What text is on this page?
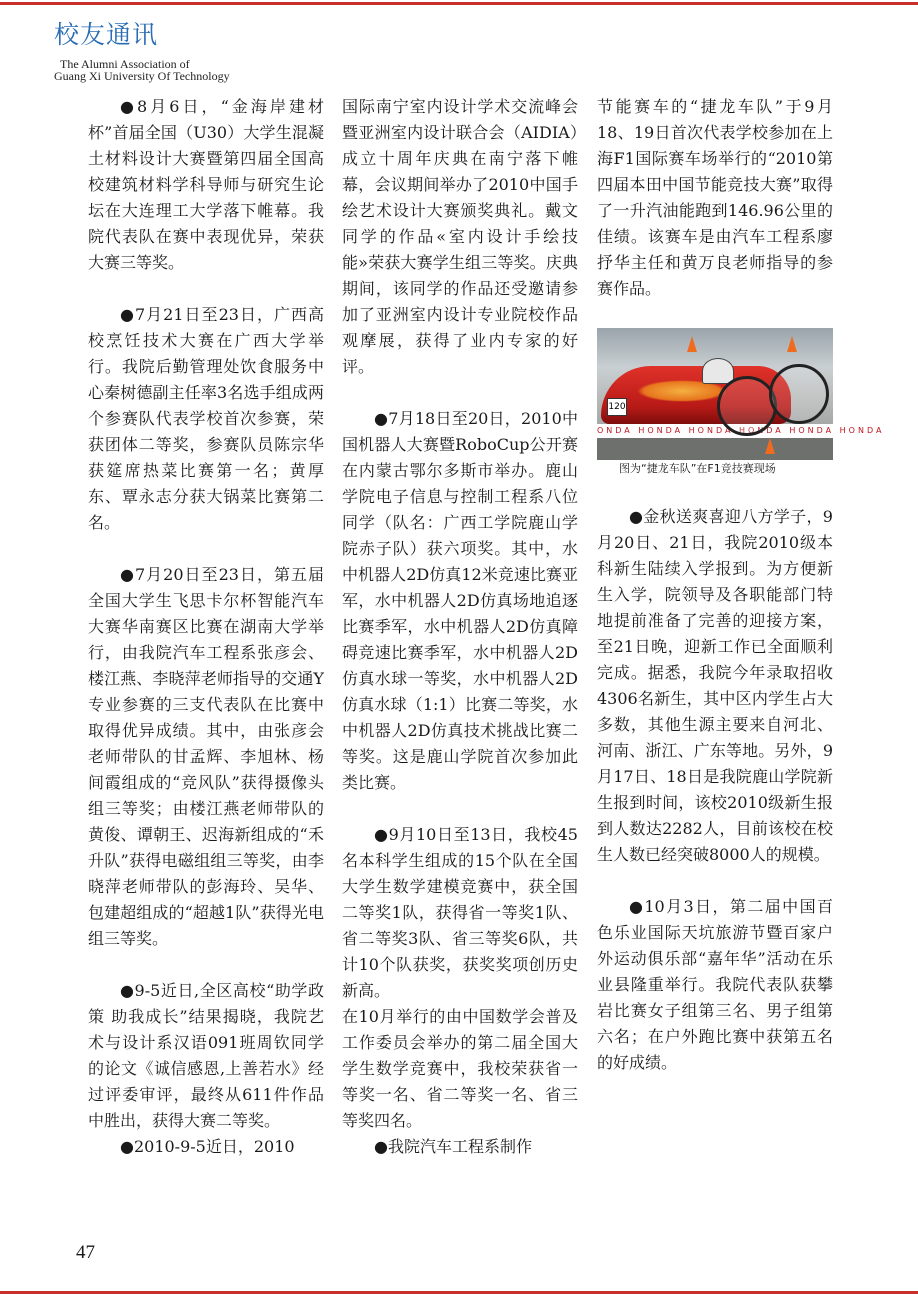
校友通讯
The Alumni Association of
Guang Xi University Of Technology

●8月6日，“金海岸建材杯”首届全国（U30）大学生混凝土材料设计大赛暨第四届全国高校建筑材料学科导师与研究生论坛在大连理工大学落下帷幕。我院代表队在赛中表现优异，荣获大赛三等奖。

●7月21日至23日，广西高校烹饪技术大赛在广西大学举行。我院后勤管理处饮食服务中心秦树德副主任率3名选手组成两个参赛队代表学校首次参赛，荣获团体二等奖，参赛队员陈宗华获筵席热菜比赛第一名；黄厚东、覃永志分获大锅菜比赛第二名。

●7月20日至23日，第五届全国大学生飞思卡尔杯智能汽车大赛华南赛区比赛在湖南大学举行，由我院汽车工程系张彦会、楼江燕、李晓萍老师指导的交通Y专业参赛的三支代表队在比赛中取得优异成绩。其中，由张彦会老师带队的甘孟辉、李旭林、杨间霞组成的“竞风队”获得摄像头组三等奖；由楼江燕老师带队的黄俊、谭朝王、迟海新组成的“禾升队”获得电磁组组三等奖，由李晓萍老师带队的彭海玲、吴华、包建超组成的“超越1队”获得光电组三等奖。

●9-5近日,全区高校“助学政策 助我成长”结果揭晓，我院艺术与设计系汉语091班周钦同学的论文《诚信感恩,上善若水》经过评委审评，最终从611件作品中胜出，获得大赛二等奖。

●2010-9-5近日，2010

国际南宁室内设计学术交流峰会暨亚洲室内设计联合会（AIDIA）成立十周年庆典在南宁落下帷幕，会议期间举办了2010中国手绘艺术设计大赛颁奖典礼。戴文同学的作品«室内设计手绘技能»荣获大赛学生组三等奖。庆典期间，该同学的作品还受邀请参加了亚洲室内设计专业院校作品观摩展，获得了业内专家的好评。

●7月18日至20日，2010中国机器人大赛暨RoboCup公开赛在内蒙古鄂尔多斯市举办。鹿山学院电子信息与控制工程系八位同学（队名：广西工学院鹿山学院赤子队）获六项奖。其中，水中机器人2D仿真12米竞速比赛亚军，水中机器人2D仿真场地追逐比赛季军，水中机器人2D仿真障碍竞速比赛季军，水中机器人2D仿真水球一等奖，水中机器人2D仿真水球（1:1）比赛二等奖，水中机器人2D仿真技术挑战比赛二等奖。这是鹿山学院首次参加此类比赛。

●9月10日至13日，我校45名本科学生组成的15个队在全国大学生数学建模竞赛中，获全国二等奖1队，获得省一等奖1队、省二等奖3队、省三等奖6队，共计10个队获奖，获奖奖项创历史新高。

在10月举行的由中国数学会普及工作委员会举办的第二届全国大学生数学竞赛中，我校荣获省一等奖一名、省二等奖一名、省三等奖四名。

●我院汽车工程系制作

节能赛车的“捷龙车队”于9月18、19日首次代表学校参加在上海F1国际赛车场举行的“2010第四届本田中国节能竞技大赛”取得了一升汽油能跑到146.96公里的佳绩。该赛车是由汽车工程系廖抒华主任和黄万良老师指导的参赛作品。

ONDA HONDA HONDA HONDA HONDA HONDA
120

图为“捷龙车队”在F1竞技赛现场

●金秋送爽喜迎八方学子，9月20日、21日，我院2010级本科新生陆续入学报到。为方便新生入学，院领导及各职能部门特地提前准备了完善的迎接方案，至21日晚，迎新工作已全面顺利完成。据悉，我院今年录取招收4306名新生，其中区内学生占大多数，其他生源主要来自河北、河南、浙江、广东等地。另外，9月17日、18日是我院鹿山学院新生报到时间，该校2010级新生报到人数达2282人，目前该校在校生人数已经突破8000人的规模。

●10月3日，第二届中国百色乐业国际天坑旅游节暨百家户外运动俱乐部“嘉年华”活动在乐业县隆重举行。我院代表队获攀岩比赛女子组第三名、男子组第六名；在户外跑比赛中获第五名的好成绩。

47
